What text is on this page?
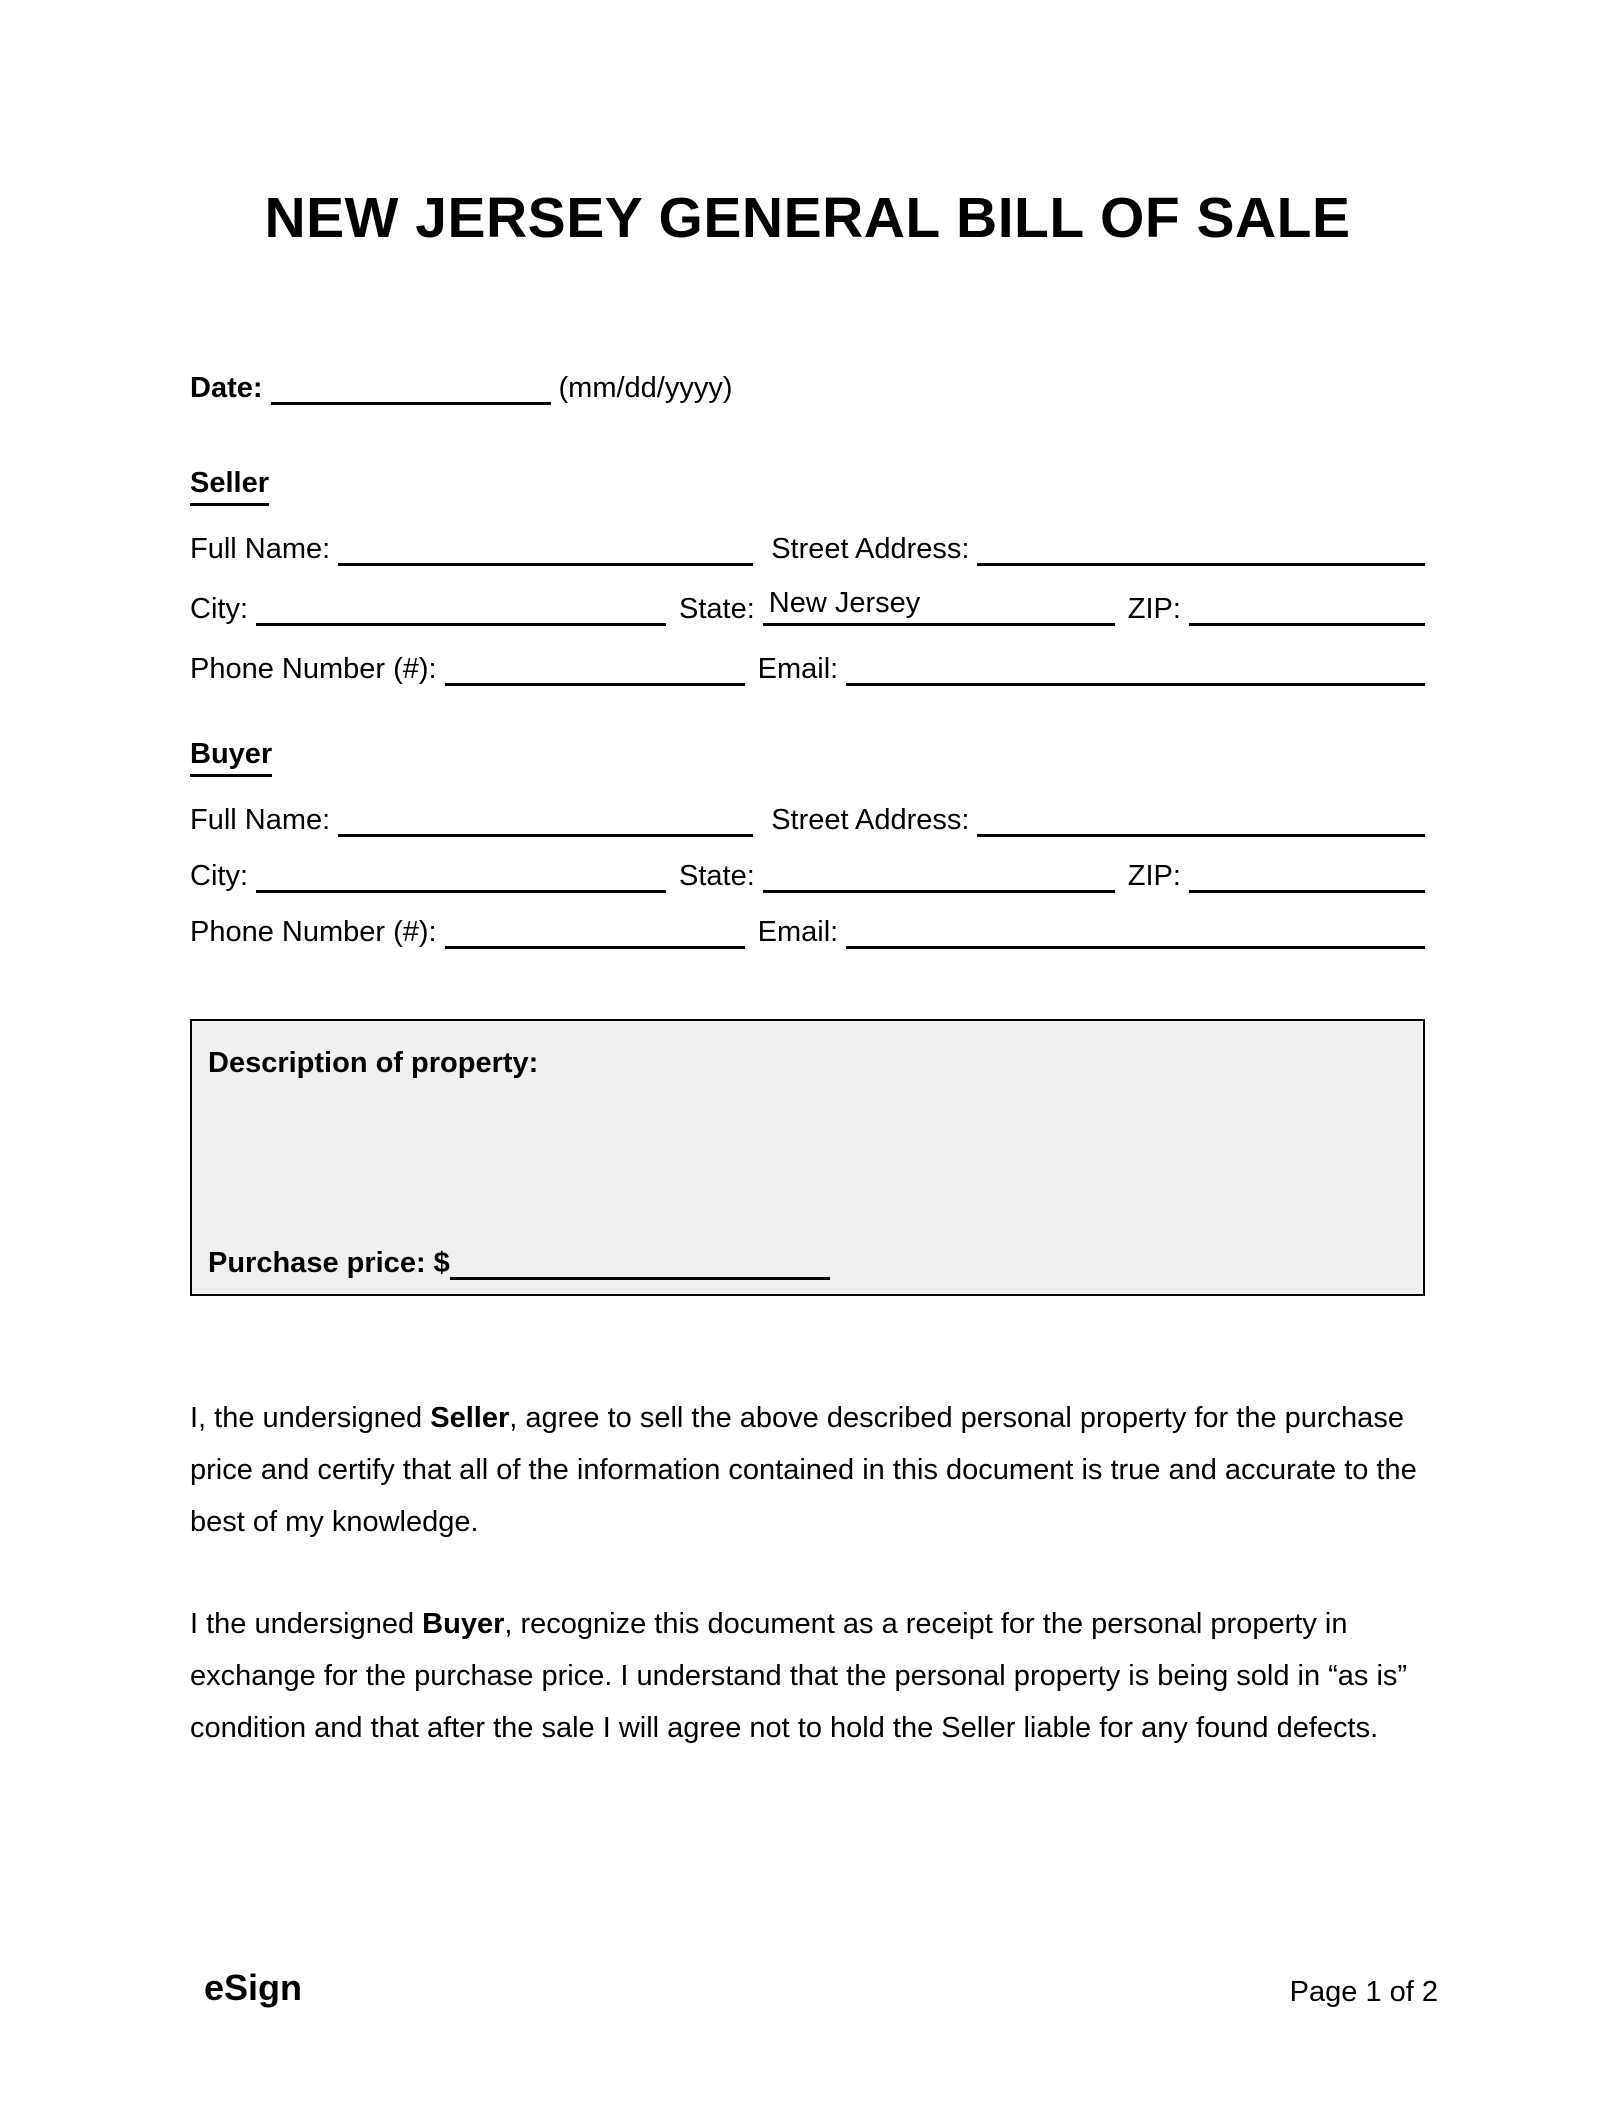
NEW JERSEY GENERAL BILL OF SALE
Date:	(mm/dd/yyyy)
Seller
Full Name:	Street Address:
City:	State: New Jersey	ZIP:
Phone Number (#):	Email:
Buyer
Full Name:	Street Address:
City:	State:	ZIP:
Phone Number (#):	Email:
Description of property:
Purchase price: $

I, the undersigned Seller, agree to sell the above described personal property for the purchase price and certify that all of the information contained in this document is true and accurate to the best of my knowledge.

I the undersigned Buyer, recognize this document as a receipt for the personal property in exchange for the purchase price. I understand that the personal property is being sold in “as is” condition and that after the sale I will agree not to hold the Seller liable for any found defects.

eSign	Page 1 of 2
